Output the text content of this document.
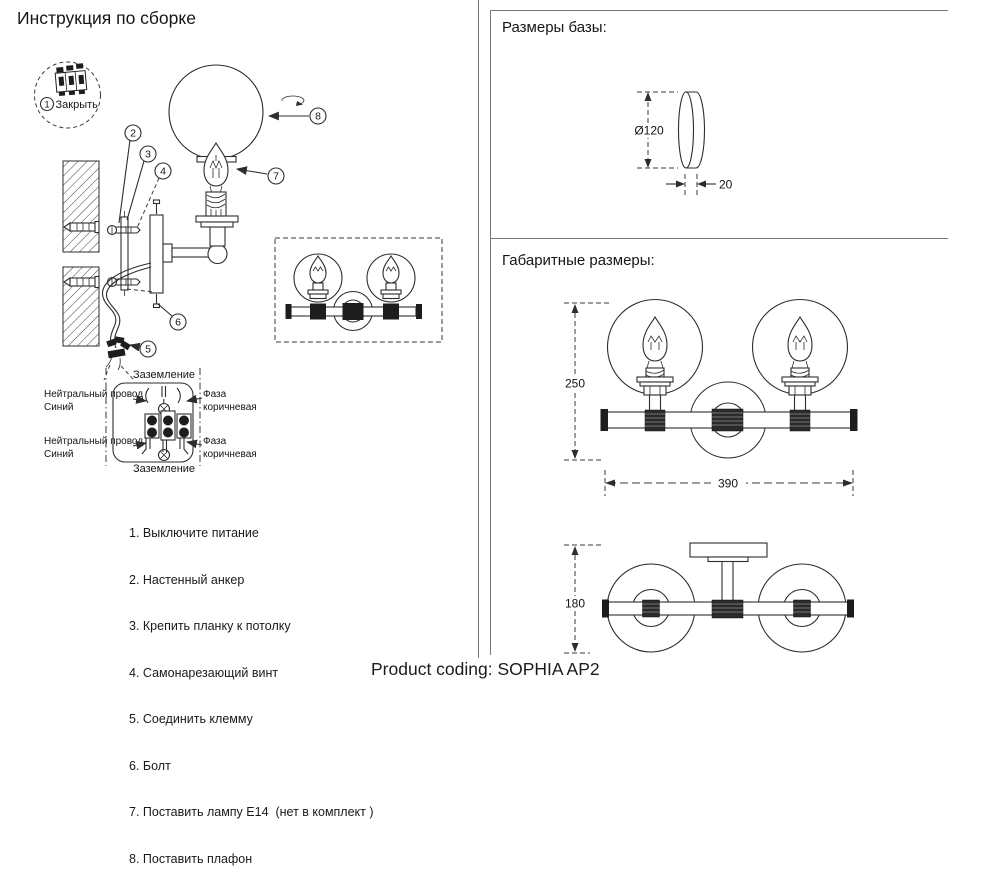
1 Закрыть
2
3
4
5
6
7
8
Заземление
Заземление
Нейтральный провод
Синий
Нейтральный провод
Синий
Фаза
коричневая
Фаза
коричневая
Ø120
20
250
390
180
Инструкция по сборке

1. Выключите питание

2. Настенный анкер

3. Крепить планку к потолку

4. Самонарезающий винт

5. Соединить клемму

6. Болт

7. Поставить лампу Е14  (нет в комплект )

8. Поставить плафон

Размеры базы:
Габаритные размеры:
Product coding: SOPHIA AP2
